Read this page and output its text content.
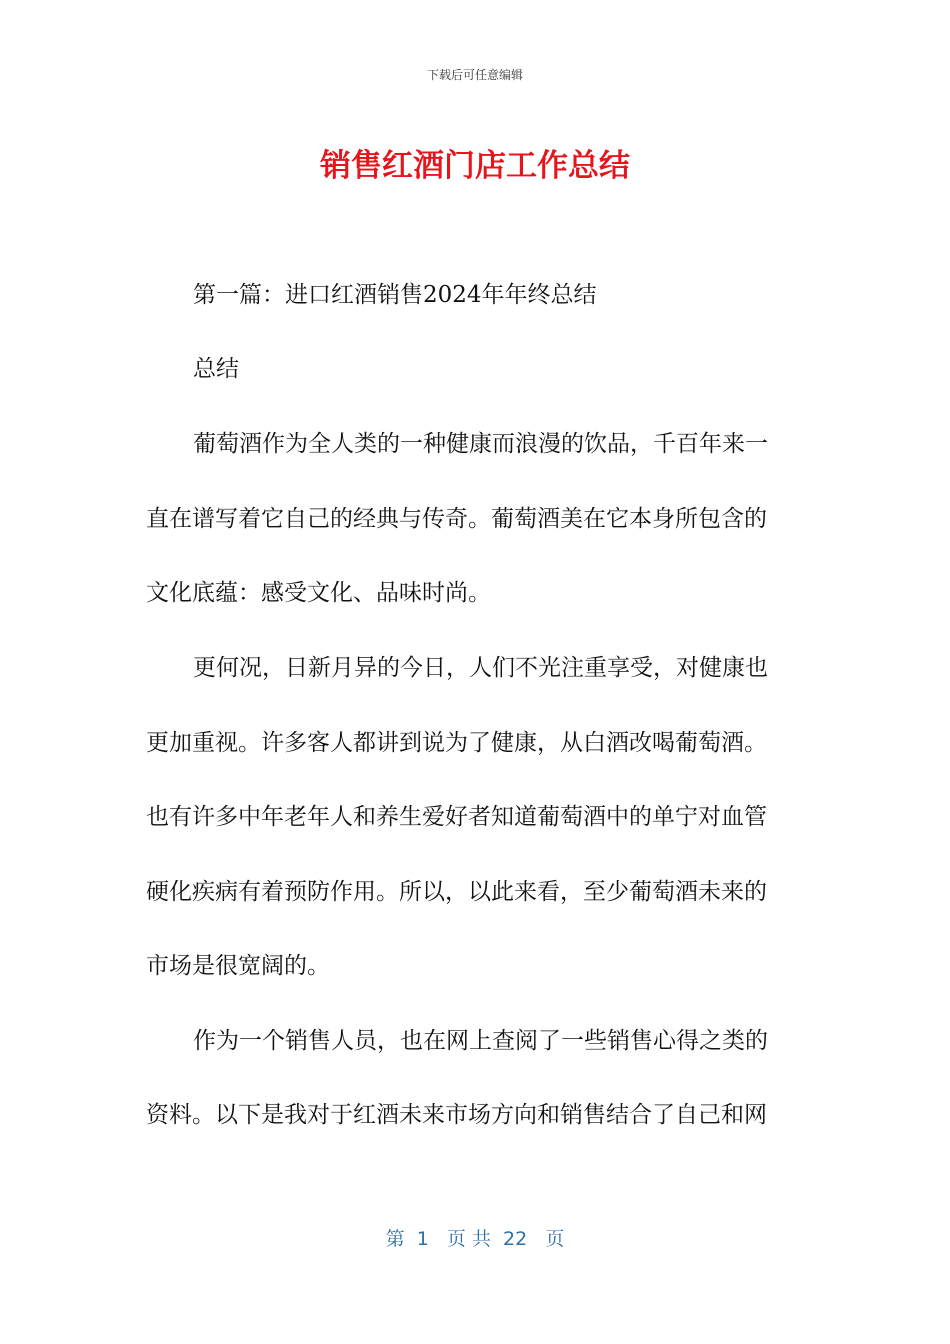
下载后可任意编辑
销售红酒门店工作总结
第一篇：进口红酒销售2024年年终总结
总结
葡萄酒作为全人类的一种健康而浪漫的饮品，千百年来一
直在谱写着它自己的经典与传奇。葡萄酒美在它本身所包含的
文化底蕴：感受文化、品味时尚。
更何况，日新月异的今日，人们不光注重享受，对健康也
更加重视。许多客人都讲到说为了健康，从白酒改喝葡萄酒。
也有许多中年老年人和养生爱好者知道葡萄酒中的单宁对血管
硬化疾病有着预防作用。所以，以此来看，至少葡萄酒未来的
市场是很宽阔的。
作为一个销售人员，也在网上查阅了一些销售心得之类的
资料。以下是我对于红酒未来市场方向和销售结合了自己和网
第  1   页 共  22   页
